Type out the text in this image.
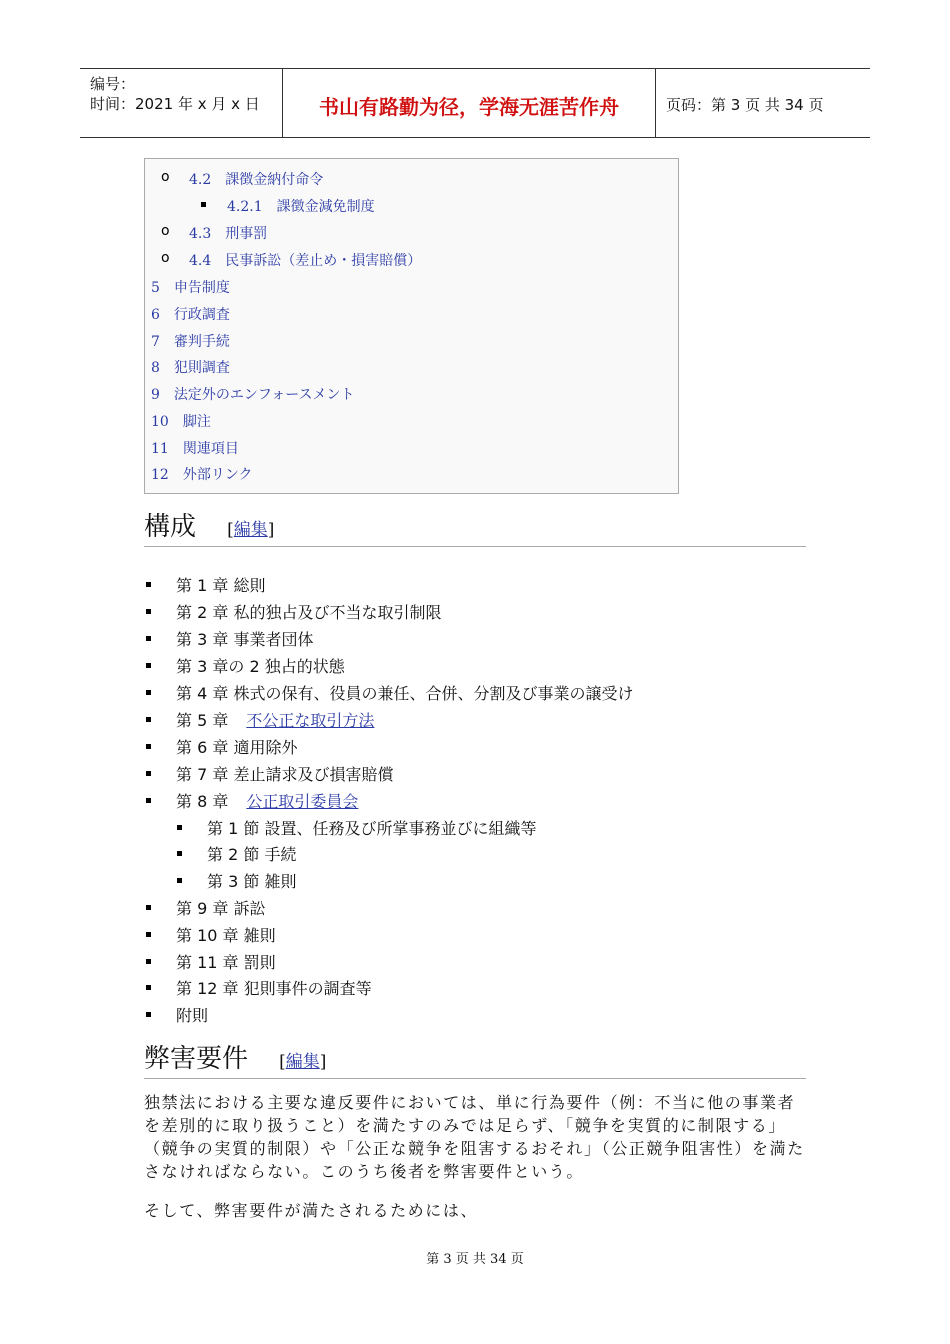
编号：
时间：2021 年 x 月 x 日	书山有路勤为径，学海无涯苦作舟	页码：第 3 页 共 34 页
o 4.2 課徴金納付命令
4.2.1 課徴金減免制度
o 4.3 刑事罰
o 4.4 民事訴訟（差止め・損害賠償）
5 申告制度
6 行政調査
7 審判手続
8 犯則調査
9 法定外のエンフォースメント
10 脚注
11 関連項目
12 外部リンク
構成 [編集]
第 1 章 総則
第 2 章 私的独占及び不当な取引制限
第 3 章 事業者団体
第 3 章の 2 独占的状態
第 4 章 株式の保有、役員の兼任、合併、分割及び事業の譲受け
第 5 章 不公正な取引方法
第 6 章 適用除外
第 7 章 差止請求及び損害賠償
第 8 章 公正取引委員会
第 1 節 設置、任務及び所掌事務並びに組織等
第 2 節 手続
第 3 節 雑則
第 9 章 訴訟
第 10 章 雑則
第 11 章 罰則
第 12 章 犯則事件の調査等
附則
弊害要件 [編集]
独禁法における主要な違反要件においては、単に行為要件（例：不当に他の事業者を差別的に取り扱うこと）を満たすのみでは足らず、「競争を実質的に制限する」（競争の実質的制限）や「公正な競争を阻害するおそれ」（公正競争阻害性）を満たさなければならない。このうち後者を弊害要件という。
そして、弊害要件が満たされるためには、
第 3 页 共 34 页
